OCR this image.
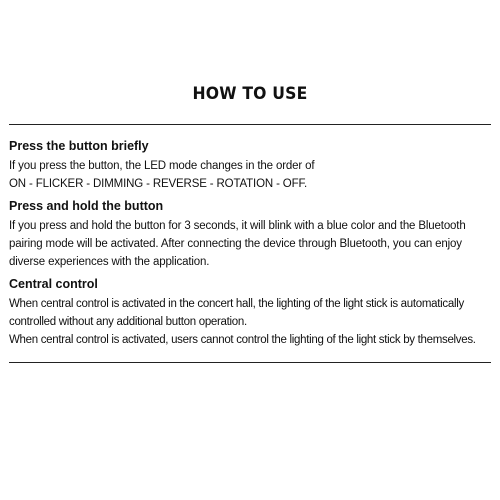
HOW TO USE
Press the button briefly
If you press the button, the LED mode changes in the order of
ON - FLICKER - DIMMING - REVERSE - ROTATION - OFF.
Press and hold the button
If you press and hold the button for 3 seconds, it will blink with a blue color and the Bluetooth
pairing mode will be activated. After connecting the device through Bluetooth, you can enjoy
diverse experiences with the application.
Central control
When central control is activated in the concert hall, the lighting of the light stick is automatically
controlled without any additional button operation.
When central control is activated, users cannot control the lighting of the light stick by themselves.
